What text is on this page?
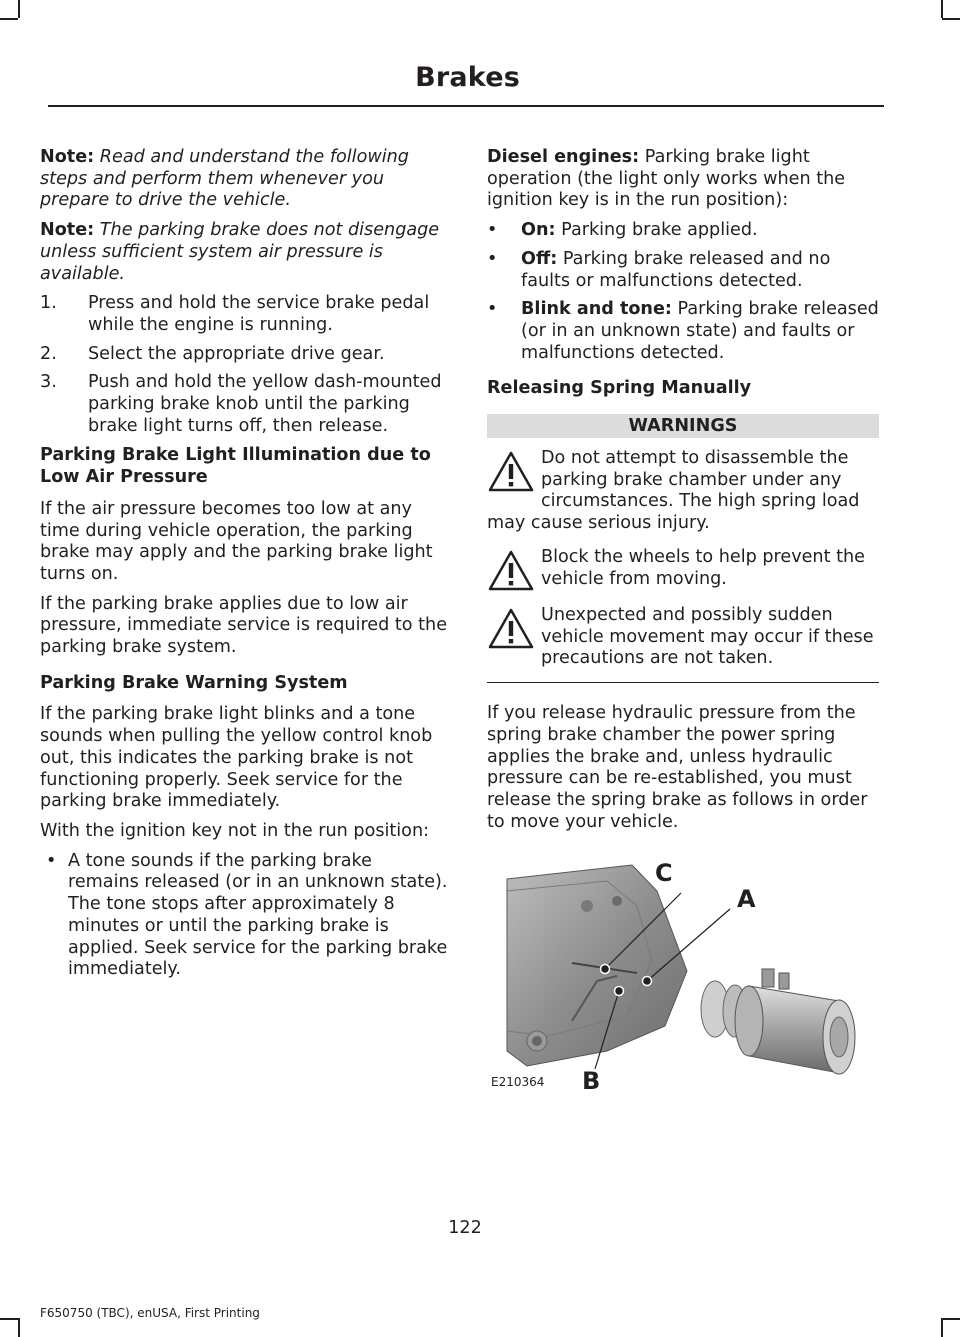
Brakes

Note: Read and understand the following steps and perform them whenever you prepare to drive the vehicle.

Note: The parking brake does not disengage unless sufficient system air pressure is available.

1. Press and hold the service brake pedal while the engine is running.
2. Select the appropriate drive gear.
3. Push and hold the yellow dash-mounted parking brake knob until the parking brake light turns off, then release.
Parking Brake Light Illumination due to Low Air Pressure

If the air pressure becomes too low at any time during vehicle operation, the parking brake may apply and the parking brake light turns on.

If the parking brake applies due to low air pressure, immediate service is required to the parking brake system.

Parking Brake Warning System

If the parking brake light blinks and a tone sounds when pulling the yellow control knob out, this indicates the parking brake is not functioning properly. Seek service for the parking brake immediately.

With the ignition key not in the run position:

• A tone sounds if the parking brake remains released (or in an unknown state). The tone stops after approximately 8 minutes or until the parking brake is applied. Seek service for the parking brake immediately.

Diesel engines: Parking brake light operation (the light only works when the ignition key is in the run position):

• On: Parking brake applied.
• Off: Parking brake released and no faults or malfunctions detected.
• Blink and tone: Parking brake released (or in an unknown state) and faults or malfunctions detected.
Releasing Spring Manually
WARNINGS
Do not attempt to disassemble the parking brake chamber under any circumstances. The high spring load may cause serious injury.
Block the wheels to help prevent the vehicle from moving.
Unexpected and possibly sudden vehicle movement may occur if these precautions are not taken.

If you release hydraulic pressure from the spring brake chamber the power spring applies the brake and, unless hydraulic pressure can be re-established, you must release the spring brake as follows in order to move your vehicle.

C
A
B
E210364
122
F650750 (TBC), enUSA, First Printing
